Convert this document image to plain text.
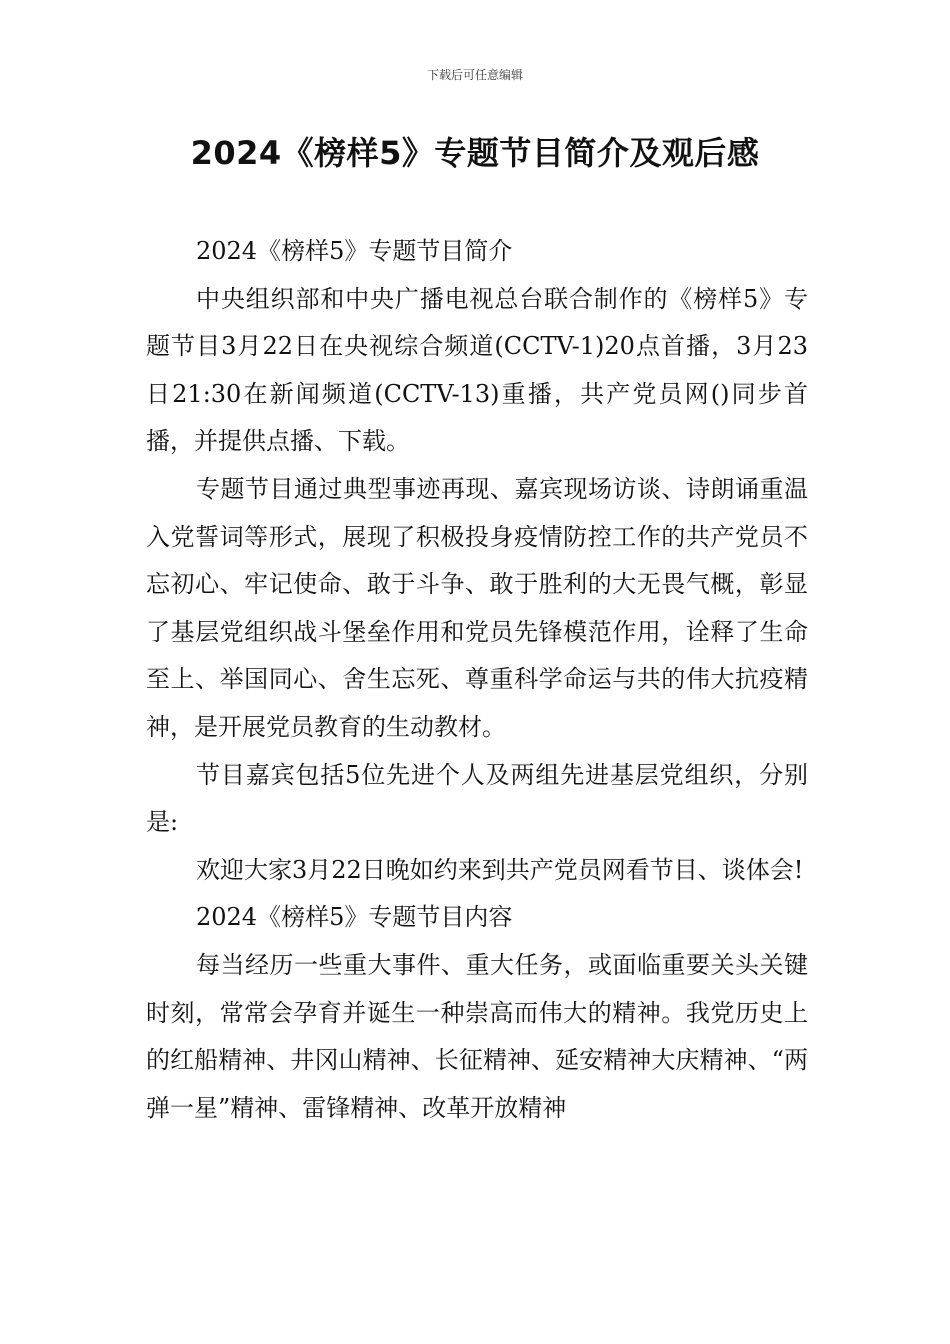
下载后可任意编辑
2024《榜样5》专题节目简介及观后感

2024《榜样5》专题节目简介

中央组织部和中央广播电视总台联合制作的《榜样5》专题节目3月22日在央视综合频道(CCTV-1)20点首播，3月23日21:30在新闻频道(CCTV-13)重播，共产党员网()同步首播，并提供点播、下载。

专题节目通过典型事迹再现、嘉宾现场访谈、诗朗诵重温入党誓词等形式，展现了积极投身疫情防控工作的共产党员不忘初心、牢记使命、敢于斗争、敢于胜利的大无畏气概，彰显了基层党组织战斗堡垒作用和党员先锋模范作用，诠释了生命至上、举国同心、舍生忘死、尊重科学命运与共的伟大抗疫精神，是开展党员教育的生动教材。

节目嘉宾包括5位先进个人及两组先进基层党组织，分别是:

欢迎大家3月22日晚如约来到共产党员网看节目、谈体会!

2024《榜样5》专题节目内容

每当经历一些重大事件、重大任务，或面临重要关头关键时刻，常常会孕育并诞生一种崇高而伟大的精神。我党历史上的红船精神、井冈山精神、长征精神、延安精神大庆精神、“两弹一星”精神、雷锋精神、改革开放精神
